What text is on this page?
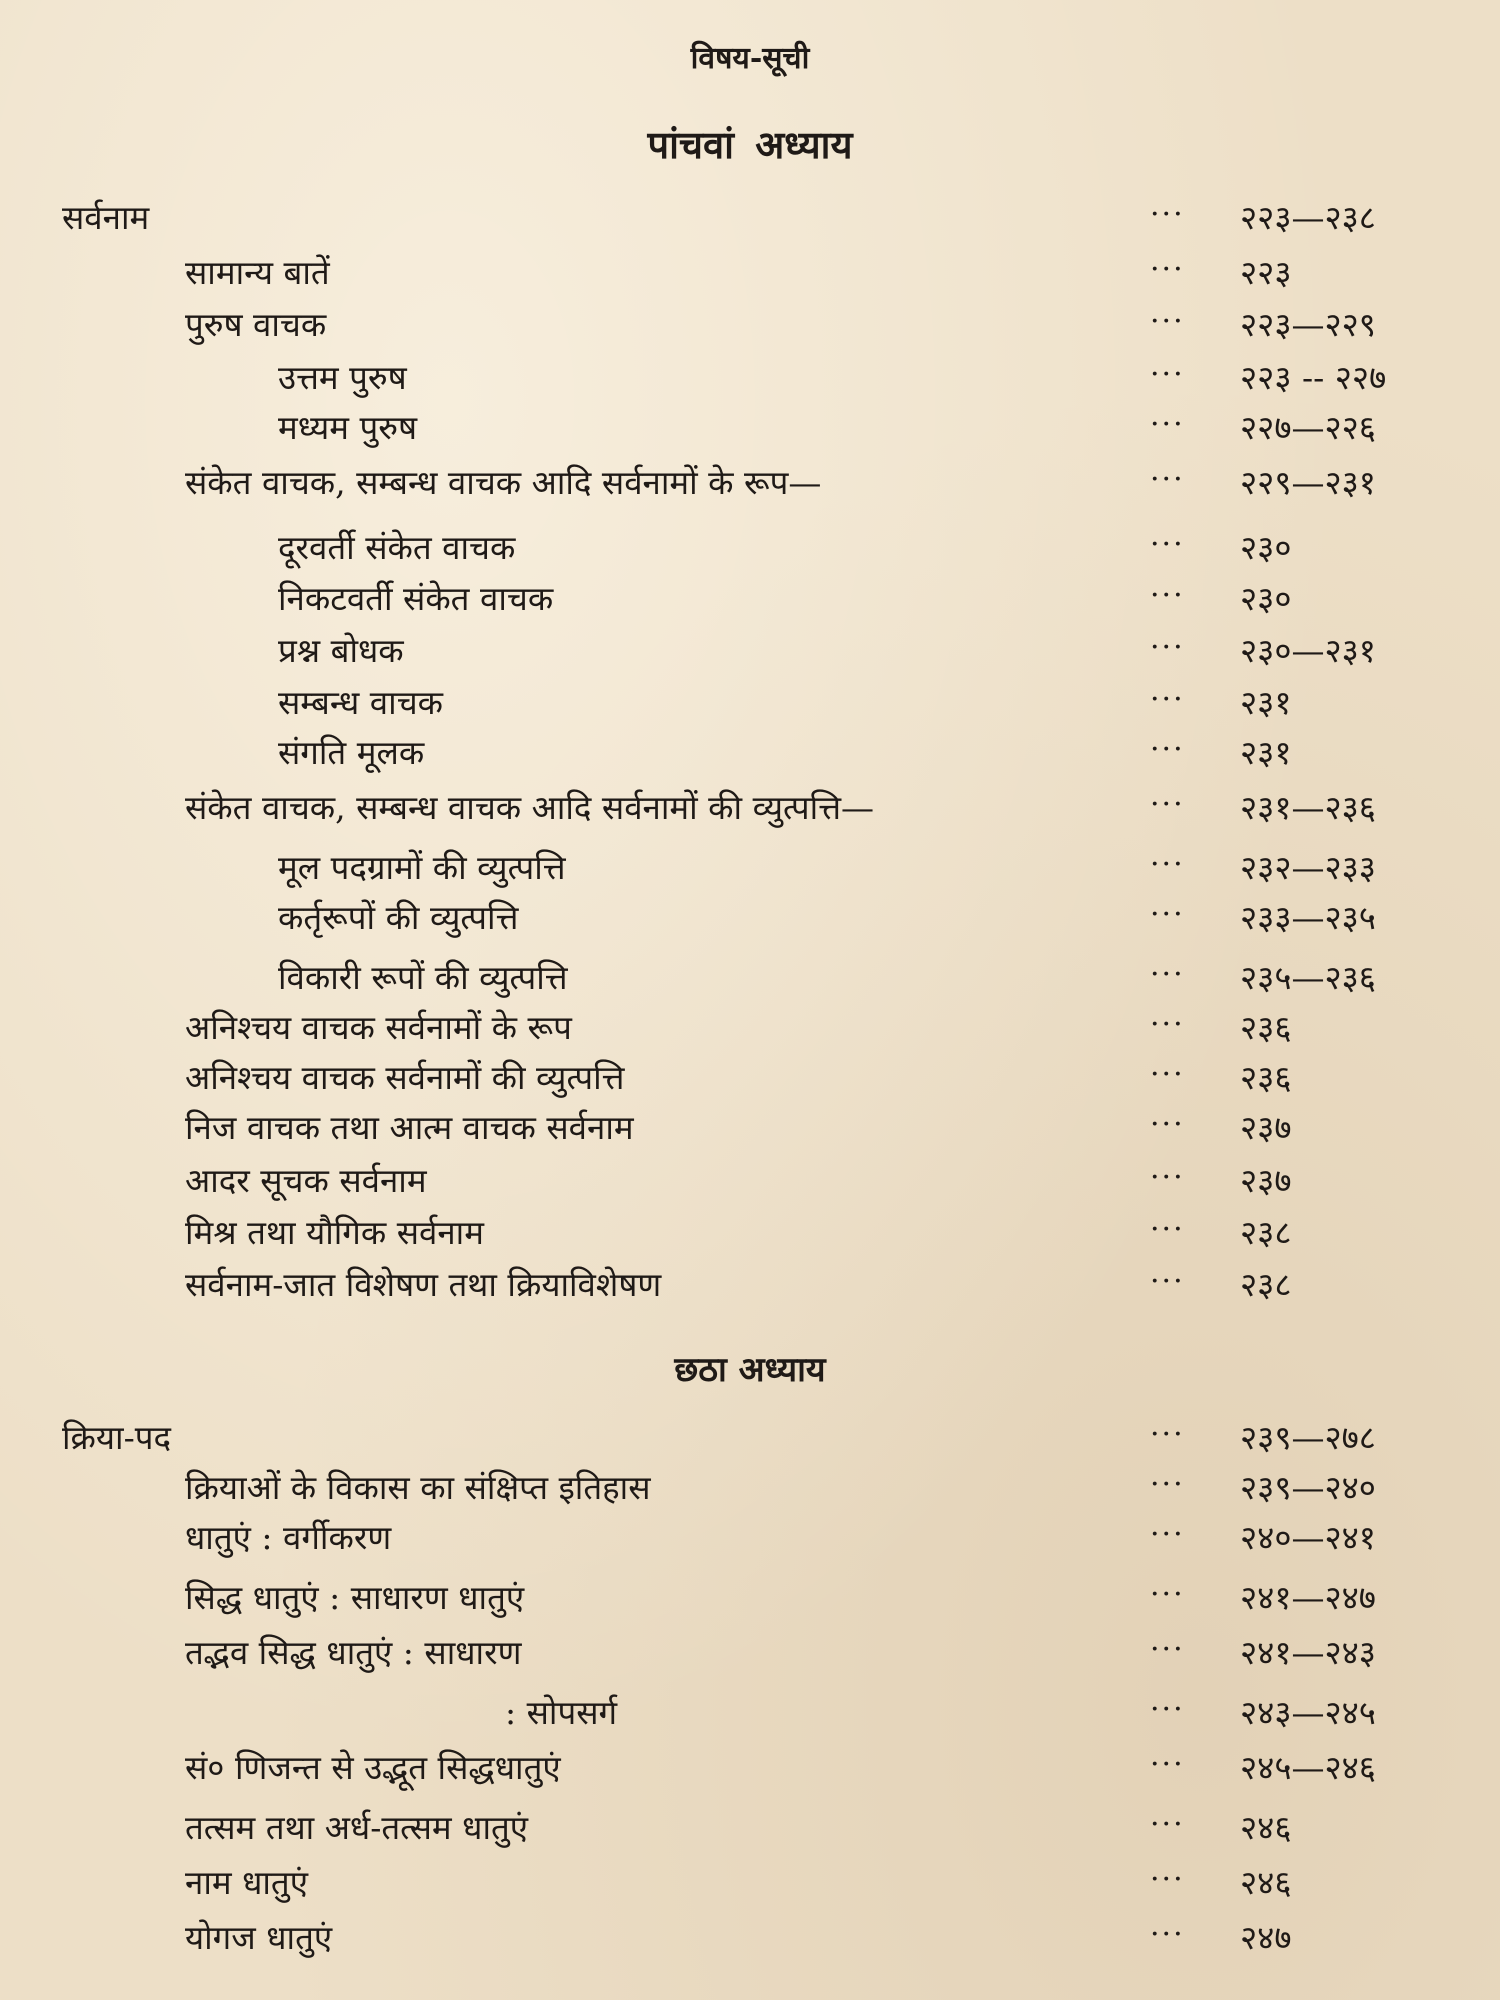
विषय-सूची
पांचवां अध्याय
सर्वनाम	··· २२३—२३८
सामान्य बातें	··· २२३
पुरुष वाचक	··· २२३—२२९
उत्तम पुरुष	··· २२३ -- २२७
मध्यम पुरुष	··· २२७—२२६
संकेत वाचक, सम्बन्ध वाचक आदि सर्वनामों के रूप—	··· २२९—२३१
दूरवर्ती संकेत वाचक	··· २३०
निकटवर्ती संकेत वाचक	··· २३०
प्रश्न बोधक	··· २३०—२३१
सम्बन्ध वाचक	··· २३१
संगति मूलक	··· २३१
संकेत वाचक, सम्बन्ध वाचक आदि सर्वनामों की व्युत्पत्ति—	··· २३१—२३६
मूल पदग्रामों की व्युत्पत्ति	··· २३२—२३३
कर्तृरूपों की व्युत्पत्ति	··· २३३—२३५
विकारी रूपों की व्युत्पत्ति	··· २३५—२३६
अनिश्चय वाचक सर्वनामों के रूप	··· २३६
अनिश्चय वाचक सर्वनामों की व्युत्पत्ति	··· २३६
निज वाचक तथा आत्म वाचक सर्वनाम	··· २३७
आदर सूचक सर्वनाम	··· २३७
मिश्र तथा यौगिक सर्वनाम	··· २३८
सर्वनाम-जात विशेषण तथा क्रियाविशेषण	··· २३८
छठा अध्याय
क्रिया-पद	··· २३९—२७८
क्रियाओं के विकास का संक्षिप्त इतिहास	··· २३९—२४०
धातुएं : वर्गीकरण	··· २४०—२४१
सिद्ध धातुएं : साधारण धातुएं	··· २४१—२४७
तद्भव सिद्ध धातुएं : साधारण	··· २४१—२४३
: सोपसर्ग	··· २४३—२४५
सं० णिजन्त से उद्भूत सिद्धधातुएं	··· २४५—२४६
तत्सम तथा अर्ध-तत्सम धातुएं	··· २४६
नाम धातुएं	··· २४६
योगज धातुएं	··· २४७
